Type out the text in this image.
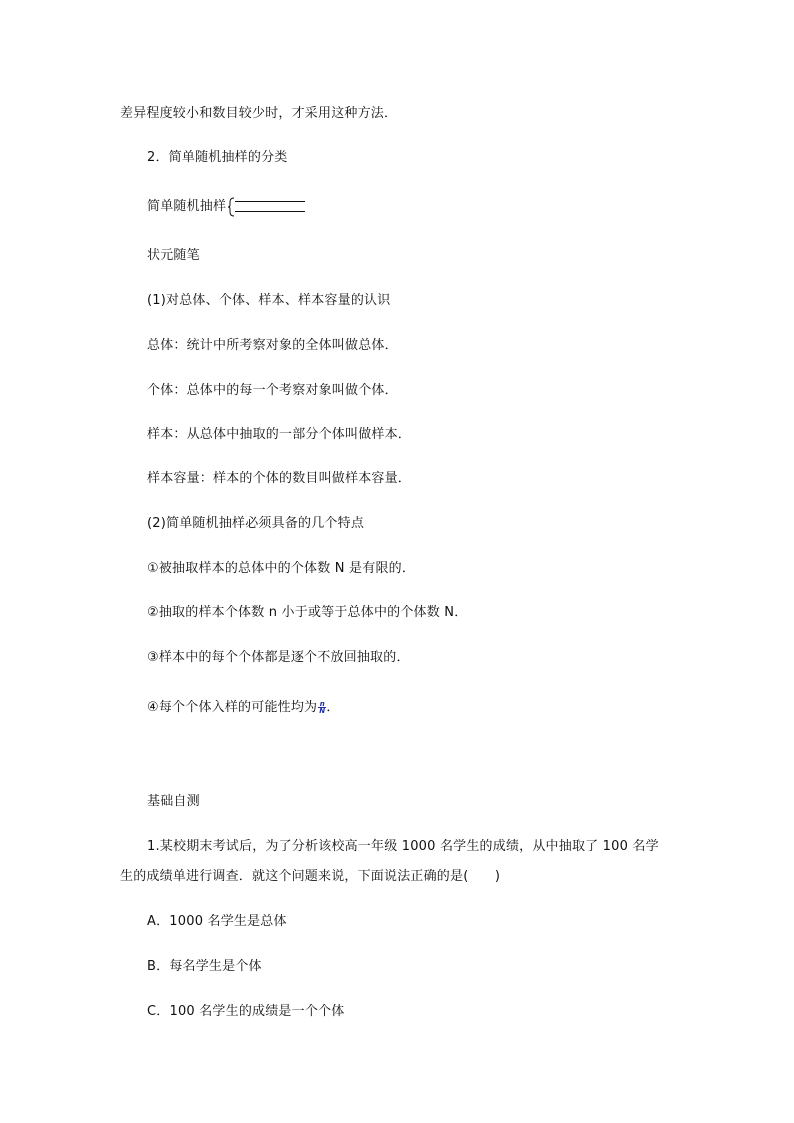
差异程度较小和数目较少时，才采用这种方法．
2．简单随机抽样的分类
简单随机抽样
状元随笔
(1)对总体、个体、样本、样本容量的认识
总体：统计中所考察对象的全体叫做总体．
个体：总体中的每一个考察对象叫做个体．
样本：从总体中抽取的一部分个体叫做样本．
样本容量：样本的个体的数目叫做样本容量．
(2)简单随机抽样必须具备的几个特点
①被抽取样本的总体中的个体数 N 是有限的．
②抽取的样本个体数 n 小于或等于总体中的个体数 N．
③样本中的每个个体都是逐个不放回抽取的．
④每个个体入样的可能性均为 $\frac{n}{N}$ ．
基础自测
1.某校期末考试后，为了分析该校高一年级 1000 名学生的成绩，从中抽取了 100 名学
生的成绩单进行调查．就这个问题来说，下面说法正确的是(　　)
A．1000 名学生是总体
B．每名学生是个体
C．100 名学生的成绩是一个个体
